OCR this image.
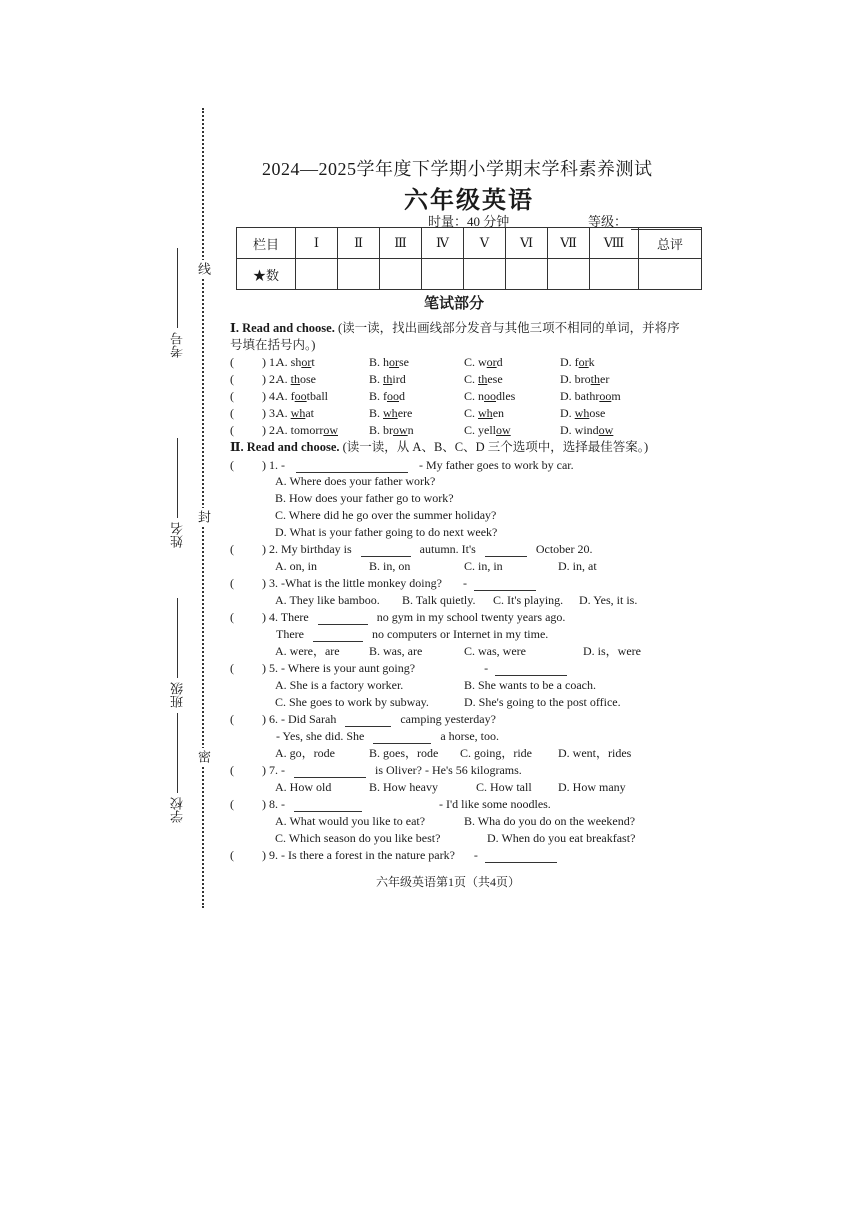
线
封
密
考号
姓名
班级
学校
2024—2025学年度下学期小学期末学科素养测试
六年级英语
时量：40 分钟	等级：
栏目	Ⅰ	Ⅱ	Ⅲ	Ⅳ	Ⅴ	Ⅵ	Ⅶ	Ⅷ	总评
★数									
笔试部分
Ⅰ. Read and choose. (读一读，找出画线部分发音与其他三项不相同的单词，并将序
号填在括号内。)
( ) 1.
A. short	B. horse	C. word	D. fork
( ) 2.
A. those	B. third	C. these	D. brother
( ) 4.
A. football	B. food	C. noodles	D. bathroom
( ) 3.
A. what	B. where	C. when	D. whose
( ) 2.
A. tomorrow	B. brown	C. yellow	D. window
Ⅱ. Read and choose. (读一读，从 A、B、C、D 三个选项中，选择最佳答案。)
( ) 1. -	- My father goes to work by car.
A. Where does your father work?
B. How does your father go to work?
C. Where did he go over the summer holiday?
D. What is your father going to do next week?
( ) 2. My birthday is	autumn. It's	October 20.
A. on, in	B. in, on	C. in, in	D. in, at
( ) 3. -What is the little monkey doing? -
A. They like bamboo. B. Talk quietly. C. It's playing. D. Yes, it is.
( ) 4. There	no gym in my school twenty years ago.
There	no computers or Internet in my time.
A. were，are B. was, are	C. was, were	D. is，were
( ) 5. - Where is your aunt going?	-
A. She is a factory worker.	B. She wants to be a coach.
C. She goes to work by subway.	D. She's going to the post office.
( ) 6. - Did Sarah	camping yesterday?
- Yes, she did. She	a horse, too.
A. go，rode	B. goes，rode C. going，ride D. went，rides
( ) 7. -	is Oliver? - He's 56 kilograms.
A. How old	B. How heavy	C. How tall D. How many
( ) 8. -	- I'd like some noodles.
A. What would you like to eat?	B. Wha do you do on the weekend?
C. Which season do you like best?	D. When do you eat breakfast?
( ) 9. - Is there a forest in the nature park? -
六年级英语第1页（共4页）
